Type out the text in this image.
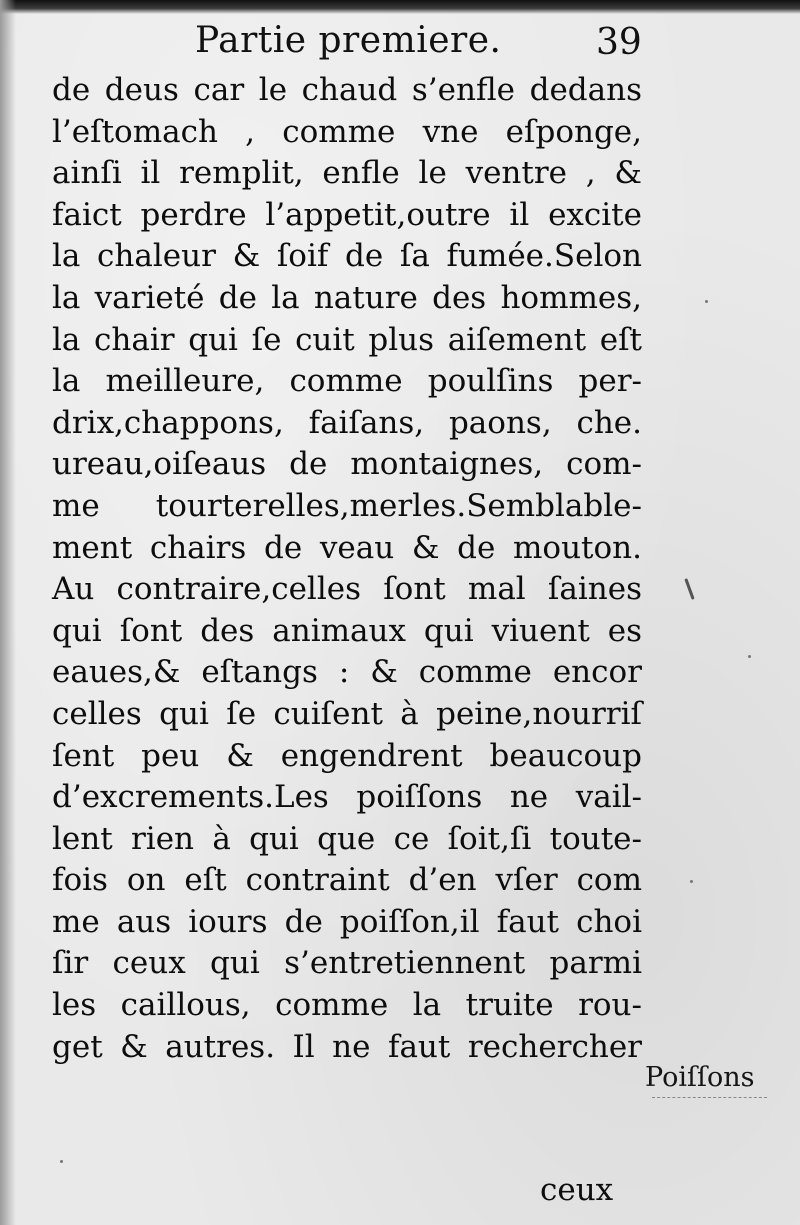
Partie premiere.	39
de deus car le chaud s’enfle dedans
l’eſtomach , comme vne eſponge,
ainſi il remplit, enfle le ventre , &
faict perdre l’appetit,outre il excite
la chaleur & ſoif de ſa fumée.Selon
la varieté de la nature des hommes,
la chair qui ſe cuit plus aiſement eſt
la meilleure, comme poulſins per-
drix,chappons, faiſans, paons, che.
ureau,oiſeaus de montaignes, com-
me tourterelles,merles.Semblable-
ment chairs de veau & de mouton.
Au contraire,celles ſont mal ſaines
qui ſont des animaux qui viuent es
eaues,& eſtangs : & comme encor
celles qui ſe cuiſent à peine,nourriſ
ſent peu & engendrent beaucoup
d’excrements.Les poiſſons ne vail-
lent rien à qui que ce ſoit,ſi toute-
fois on eſt contraint d’en vſer com
me aus iours de poiſſon,il faut choi
ſir ceux qui s’entretiennent parmi
les caillous, comme la truite rou-
get & autres. Il ne faut rechercher
ceux
Poiſſons
